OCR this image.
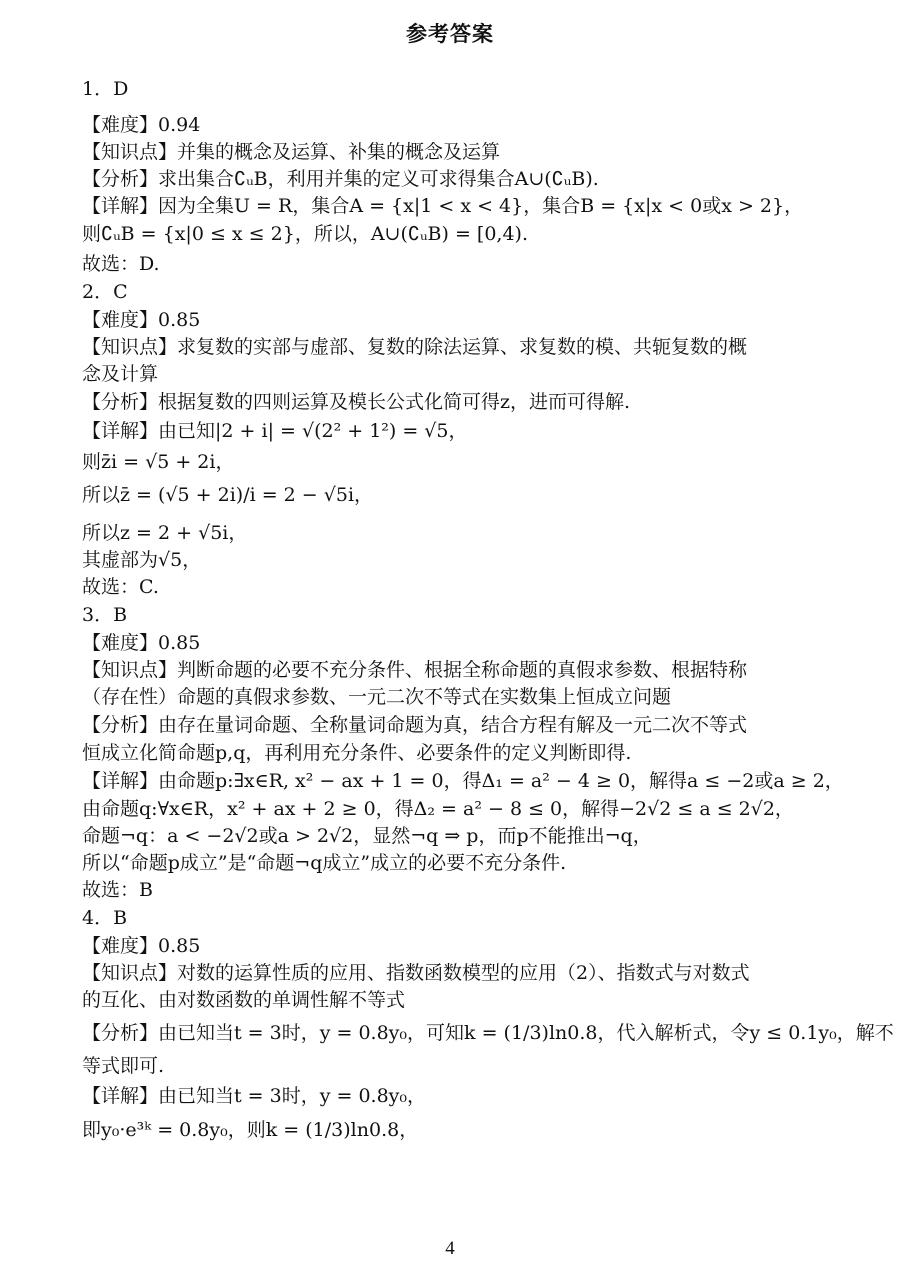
参考答案
1．D
【难度】0.94
【知识点】并集的概念及运算、补集的概念及运算
【分析】求出集合∁ᵤB，利用并集的定义可求得集合A∪(∁ᵤB).
【详解】因为全集U = R，集合A = {x|1 < x < 4}，集合B = {x|x < 0或x > 2}，
则∁ᵤB = {x|0 ≤ x ≤ 2}，所以，A∪(∁ᵤB) = [0,4).
故选：D.
2．C
【难度】0.85
【知识点】求复数的实部与虚部、复数的除法运算、求复数的模、共轭复数的概
念及计算
【分析】根据复数的四则运算及模长公式化简可得z，进而可得解.
【详解】由已知|2 + i| = √(2² + 1²) = √5，
则z̄i = √5 + 2i，
所以z̄ = (√5 + 2i)/i = 2 − √5i，
所以z = 2 + √5i，
其虚部为√5，
故选：C.
3．B
【难度】0.85
【知识点】判断命题的必要不充分条件、根据全称命题的真假求参数、根据特称
（存在性）命题的真假求参数、一元二次不等式在实数集上恒成立问题
【分析】由存在量词命题、全称量词命题为真，结合方程有解及一元二次不等式
恒成立化简命题p,q，再利用充分条件、必要条件的定义判断即得.
【详解】由命题p:∃x∈R, x² − ax + 1 = 0，得Δ₁ = a² − 4 ≥ 0，解得a ≤ −2或a ≥ 2，
由命题q:∀x∈R，x² + ax + 2 ≥ 0，得Δ₂ = a² − 8 ≤ 0，解得−2√2 ≤ a ≤ 2√2，
命题¬q：a < −2√2或a > 2√2，显然¬q ⇒ p，而p不能推出¬q，
所以“命题p成立”是“命题¬q成立”成立的必要不充分条件.
故选：B
4．B
【难度】0.85
【知识点】对数的运算性质的应用、指数函数模型的应用（2）、指数式与对数式
的互化、由对数函数的单调性解不等式
【分析】由已知当t = 3时，y = 0.8y₀，可知k = (1/3)ln0.8，代入解析式，令y ≤ 0.1y₀，解不
等式即可.
【详解】由已知当t = 3时，y = 0.8y₀，
即y₀·e³ᵏ = 0.8y₀，则k = (1/3)ln0.8，
4
